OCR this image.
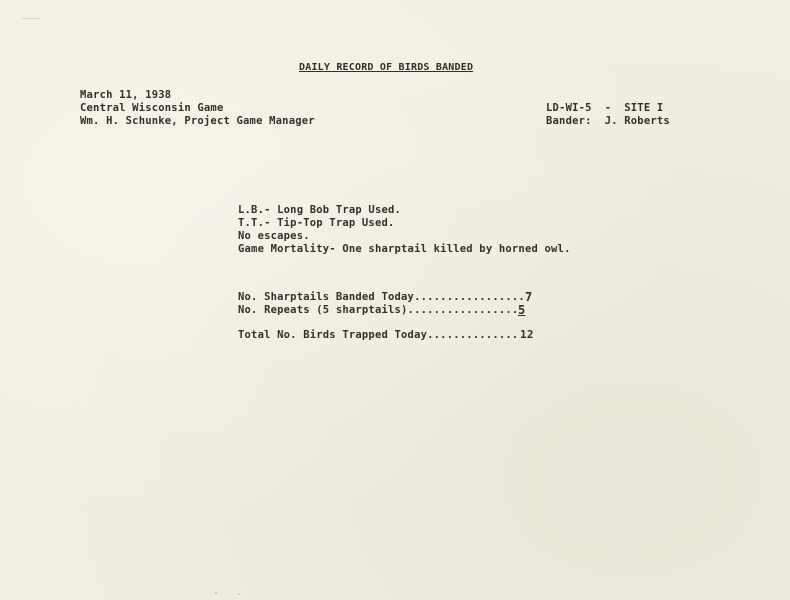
DAILY RECORD OF BIRDS BANDED
March 11, 1938
Central Wisconsin Game
Wm. H. Schunke, Project Game Manager
LD-WI-5  -  SITE I
Bander:  J. Roberts
L.B.- Long Bob Trap Used.
T.T.- Tip-Top Trap Used.
No escapes.
Game Mortality- One sharptail killed by horned owl.
No. Sharptails Banded Today................. 7
No. Repeats (5 sharptails)................. 5
Total No. Birds Trapped Today.............. 12
